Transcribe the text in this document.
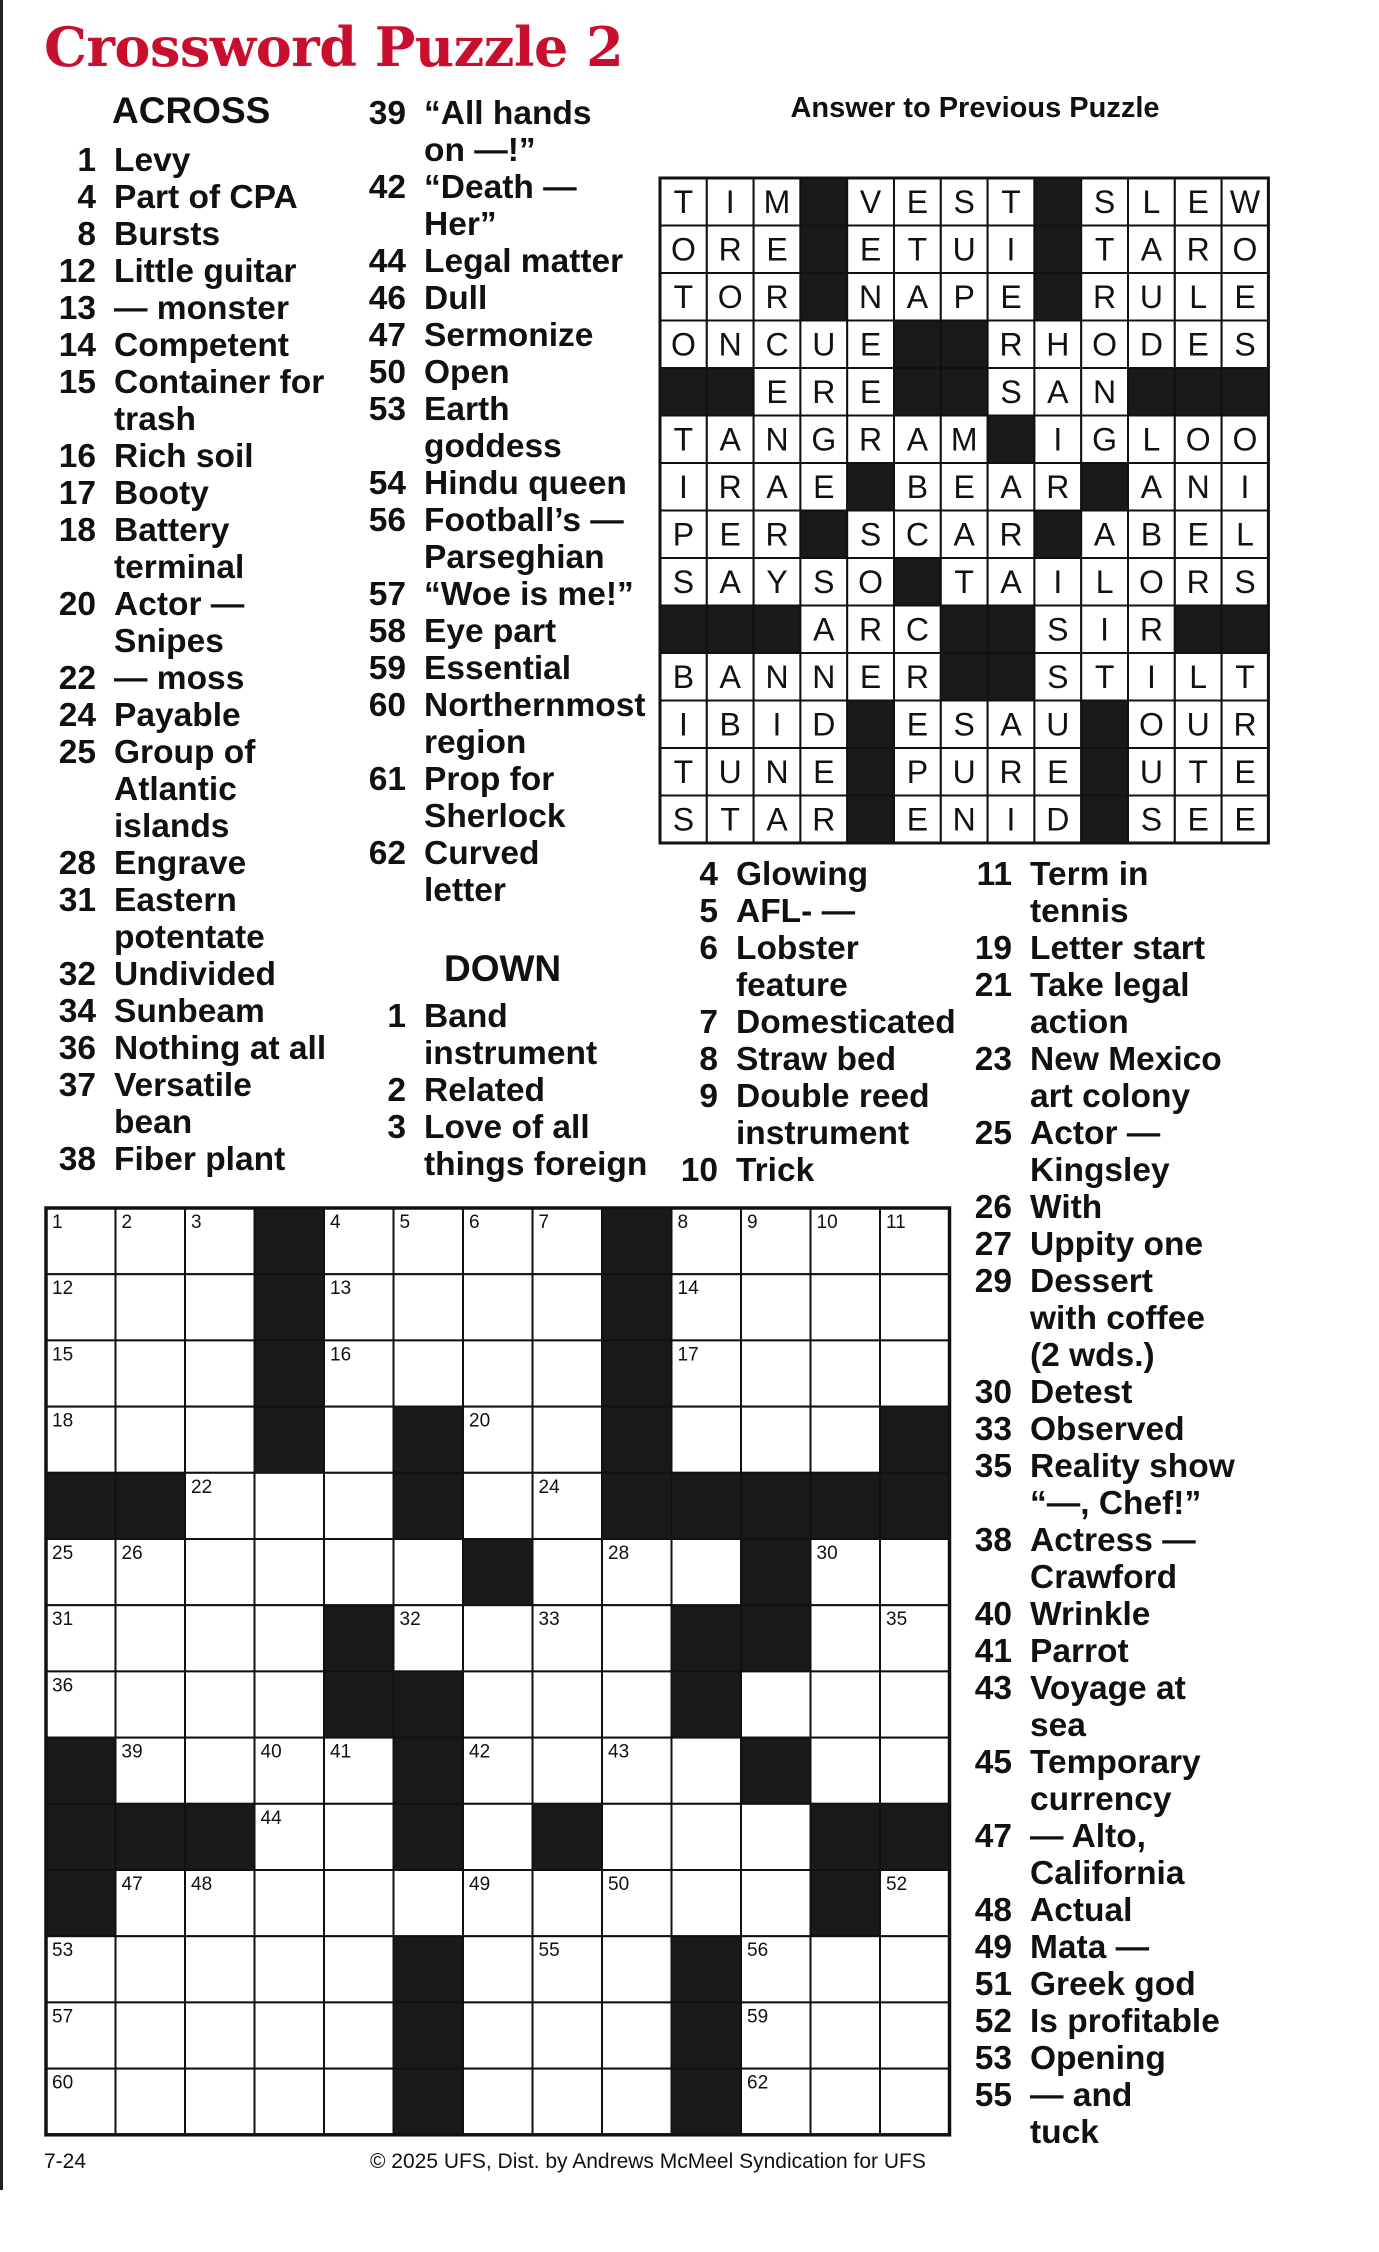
Crossword Puzzle 2
ACROSS
1 Levy
4 Part of CPA
8 Bursts
12 Little guitar
13 — monster
14 Competent
15 Container for
trash
16 Rich soil
17 Booty
18 Battery
terminal
20 Actor —
Snipes
22 — moss
24 Payable
25 Group of
Atlantic
islands
28 Engrave
31 Eastern
potentate
32 Undivided
34 Sunbeam
36 Nothing at all
37 Versatile
bean
38 Fiber plant
39 “All hands
on —!”
42 “Death —
Her”
44 Legal matter
46 Dull
47 Sermonize
50 Open
53 Earth
goddess
54 Hindu queen
56 Football’s —
Parseghian
57 “Woe is me!”
58 Eye part
59 Essential
60 Northernmost
region
61 Prop for
Sherlock
62 Curved
letter
DOWN
1 Band
instrument
2 Related
3 Love of all
things foreign
4 Glowing
5 AFL- —
6 Lobster
feature
7 Domesticated
8 Straw bed
9 Double reed
instrument
10 Trick
11 Term in
tennis
19 Letter start
21 Take legal
action
23 New Mexico
art colony
25 Actor —
Kingsley
26 With
27 Uppity one
29 Dessert
with coffee
(2 wds.)
30 Detest
33 Observed
35 Reality show
“—, Chef!”
38 Actress —
Crawford
40 Wrinkle
41 Parrot
43 Voyage at
sea
45 Temporary
currency
47 — Alto,
California
48 Actual
49 Mata —
51 Greek god
52 Is profitable
53 Opening
55 — and
tuck
Answer to Previous Puzzle
T I M V E S T S L E W
O R E E T U I T A R O
T O R N A P E R U L E
O N C U E	R H O D E S
E R E	S A N
T A N G R A M I G L O O
I R A E B E A R A N I
P E R S C A R A B E L
S A Y S O T A I L O R S
A R C	S I R
B A N N E R	S T I L T
I B I D E S A U O U R
T U N E P U R E U T E
S T A R E N I D S E E
1	2	3	4	5	6	7	8	9	10	11
12	13	14
15	16	17
18	20
22	24
25	26	28	30
31	32	33	35
36
39	40	41	42	43
44
47	48	49	50	52
53	55	56
57	59
60	62
7-24	© 2025 UFS, Dist. by Andrews McMeel Syndication for UFS
